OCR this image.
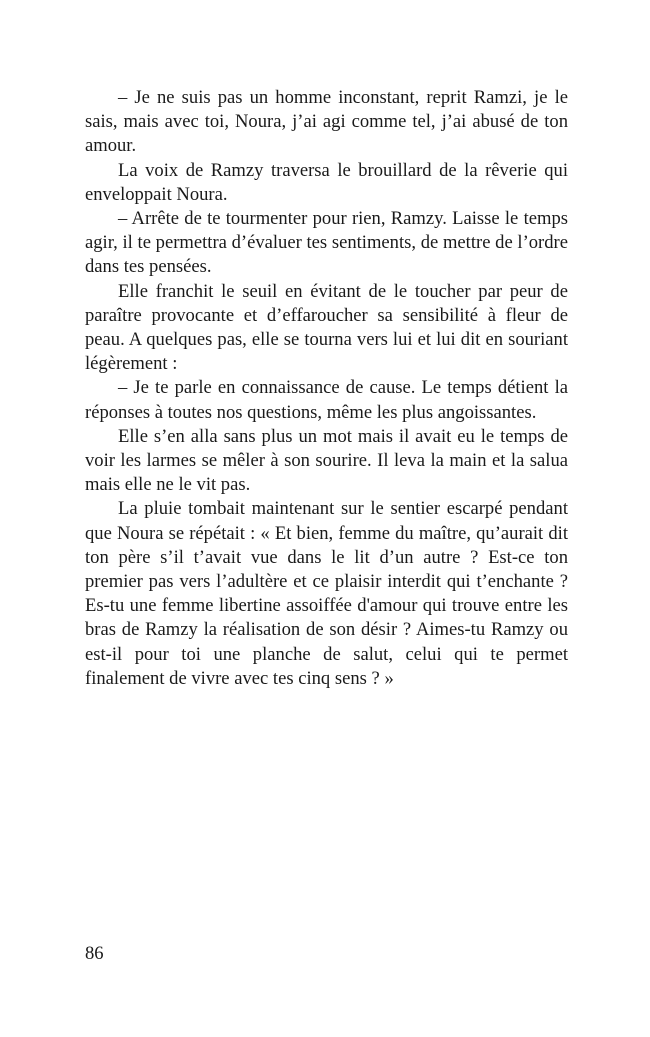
– Je ne suis pas un homme inconstant, reprit Ramzi, je le sais, mais avec toi, Noura, j’ai agi comme tel, j’ai abusé de ton amour.

La voix de Ramzy traversa le brouillard de la rêverie qui enveloppait Noura.

– Arrête de te tourmenter pour rien, Ramzy. Laisse le temps agir, il te permettra d’évaluer tes sentiments, de mettre de l’ordre dans tes pensées.

Elle franchit le seuil en évitant de le toucher par peur de paraître provocante et d’effaroucher sa sensibilité à fleur de peau. A quelques pas, elle se tourna vers lui et lui dit en souriant légèrement :

– Je te parle en connaissance de cause. Le temps détient la réponses à toutes nos questions, même les plus angoissantes.

Elle s’en alla sans plus un mot mais il avait eu le temps de voir les larmes se mêler à son sourire. Il leva la main et la salua mais elle ne le vit pas.

La pluie tombait maintenant sur le sentier escarpé pendant que Noura se répétait : « Et bien, femme du maître, qu’aurait dit ton père s’il t’avait vue dans le lit d’un autre ? Est-ce ton premier pas vers l’adultère et ce plaisir interdit qui t’enchante ? Es-tu une femme libertine assoiffée d'amour qui trouve entre les bras de Ramzy la réalisation de son désir ? Aimes-tu Ramzy ou est-il pour toi une planche de salut, celui qui te permet finalement de vivre avec tes cinq sens ? »

86
